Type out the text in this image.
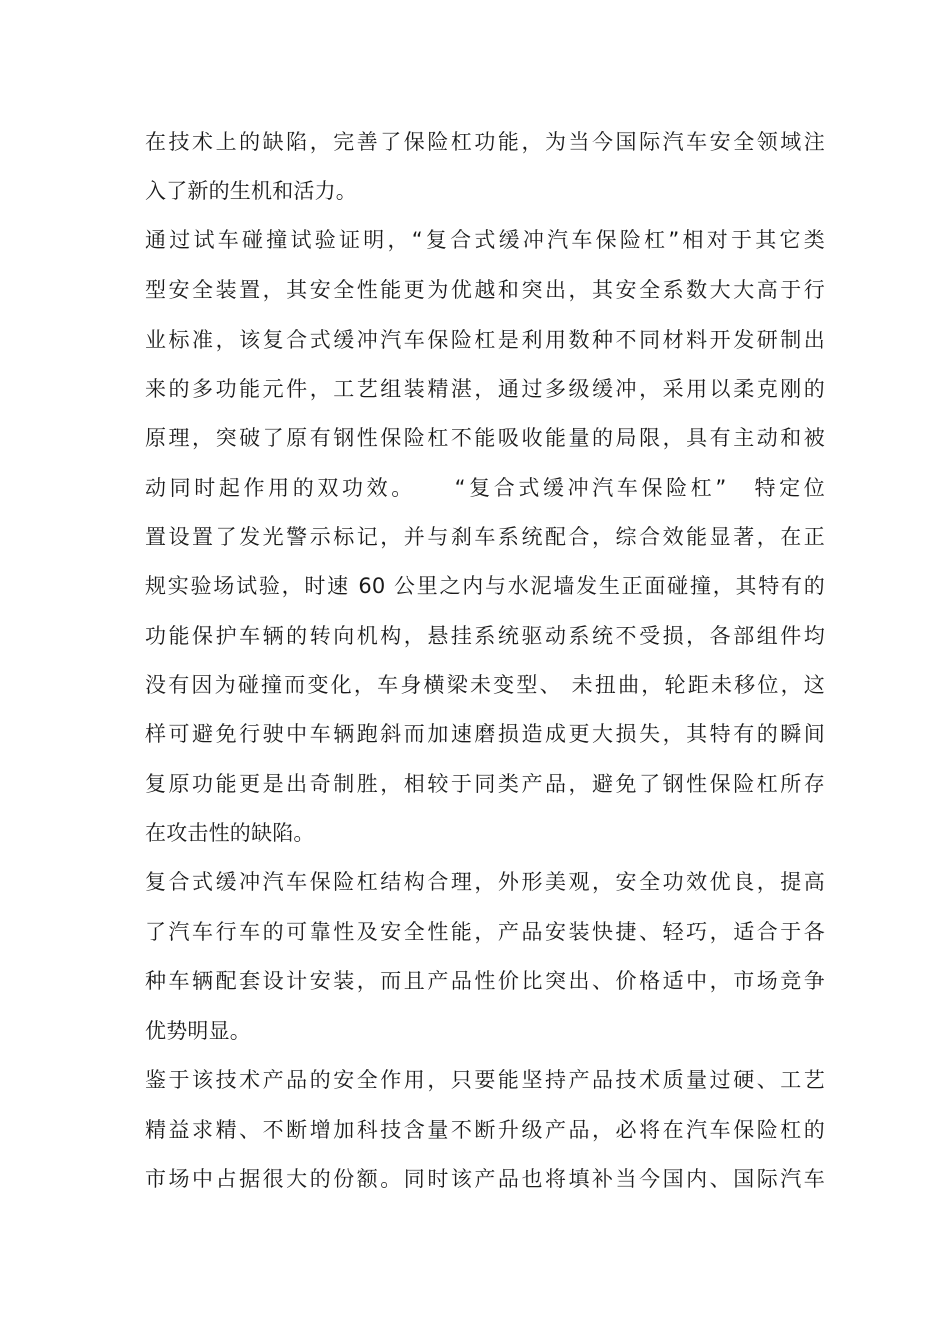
在技术上的缺陷，完善了保险杠功能，为当今国际汽车安全领域注
入了新的生机和活力。
通过试车碰撞试验证明，“复合式缓冲汽车保险杠”相对于其它类
型安全装置，其安全性能更为优越和突出，其安全系数大大高于行
业标准，该复合式缓冲汽车保险杠是利用数种不同材料开发研制出
来的多功能元件，工艺组装精湛，通过多级缓冲，采用以柔克刚的
原理，突破了原有钢性保险杠不能吸收能量的局限，具有主动和被
动同时起作用的双功效。　　“复合式缓冲汽车保险杠”　特定位
置设置了发光警示标记，并与刹车系统配合，综合效能显著，在正
规实验场试验，时速 60 公里之内与水泥墙发生正面碰撞，其特有的
功能保护车辆的转向机构，悬挂系统驱动系统不受损，各部组件均
没有因为碰撞而变化，车身横梁未变型、 未扭曲，轮距未移位，这
样可避免行驶中车辆跑斜而加速磨损造成更大损失，其特有的瞬间
复原功能更是出奇制胜，相较于同类产品，避免了钢性保险杠所存
在攻击性的缺陷。
复合式缓冲汽车保险杠结构合理，外形美观，安全功效优良，提高
了汽车行车的可靠性及安全性能，产品安装快捷、轻巧，适合于各
种车辆配套设计安装，而且产品性价比突出、价格适中，市场竞争
优势明显。
鉴于该技术产品的安全作用，只要能坚持产品技术质量过硬、工艺
精益求精、不断增加科技含量不断升级产品，必将在汽车保险杠的
市场中占据很大的份额。同时该产品也将填补当今国内、国际汽车
